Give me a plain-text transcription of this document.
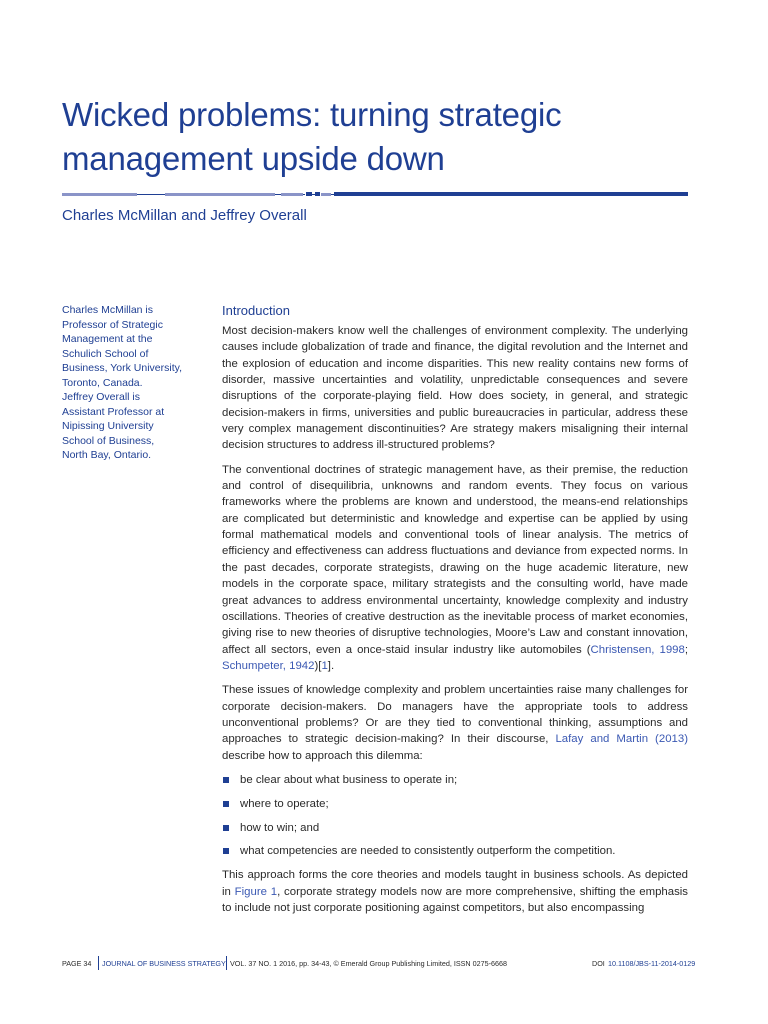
Wicked problems: turning strategic management upside down

Charles McMillan and Jeffrey Overall

Charles McMillan is

Professor of Strategic

Management at the

Schulich School of

Business, York University,

Toronto, Canada.

Jeffrey Overall is

Assistant Professor at

Nipissing University

School of Business,

North Bay, Ontario.

Introduction

Most decision-makers know well the challenges of environment complexity. The underlying causes include globalization of trade and finance, the digital revolution and the Internet and the explosion of education and income disparities. This new reality contains new forms of disorder, massive uncertainties and volatility, unpredictable consequences and severe disruptions of the corporate-playing field. How does society, in general, and strategic decision-makers in firms, universities and public bureaucracies in particular, address these very complex management discontinuities? Are strategy makers misaligning their internal decision structures to address ill-structured problems?

The conventional doctrines of strategic management have, as their premise, the reduction and control of disequilibria, unknowns and random events. They focus on various frameworks where the problems are known and understood, the means-end relationships are complicated but deterministic and knowledge and expertise can be applied by using formal mathematical models and conventional tools of linear analysis. The metrics of efficiency and effectiveness can address fluctuations and deviance from expected norms. In the past decades, corporate strategists, drawing on the huge academic literature, new models in the corporate space, military strategists and the consulting world, have made great advances to address environmental uncertainty, knowledge complexity and industry oscillations. Theories of creative destruction as the inevitable process of market economies, giving rise to new theories of disruptive technologies, Moore’s Law and constant innovation, affect all sectors, even a once-staid insular industry like automobiles (Christensen, 1998; Schumpeter, 1942)[1].

These issues of knowledge complexity and problem uncertainties raise many challenges for corporate decision-makers. Do managers have the appropriate tools to address unconventional problems? Or are they tied to conventional thinking, assumptions and approaches to strategic decision-making? In their discourse, Lafay and Martin (2013) describe how to approach this dilemma:

be clear about what business to operate in;
where to operate;
how to win; and
what competencies are needed to consistently outperform the competition.

This approach forms the core theories and models taught in business schools. As depicted in Figure 1, corporate strategy models now are more comprehensive, shifting the emphasis to include not just corporate positioning against competitors, but also encompassing

PAGE 34 JOURNAL OF BUSINESS STRATEGY VOL. 37 NO. 1 2016, pp. 34-43, © Emerald Group Publishing Limited, ISSN 0275-6668	DOI 10.1108/JBS-11-2014-0129
